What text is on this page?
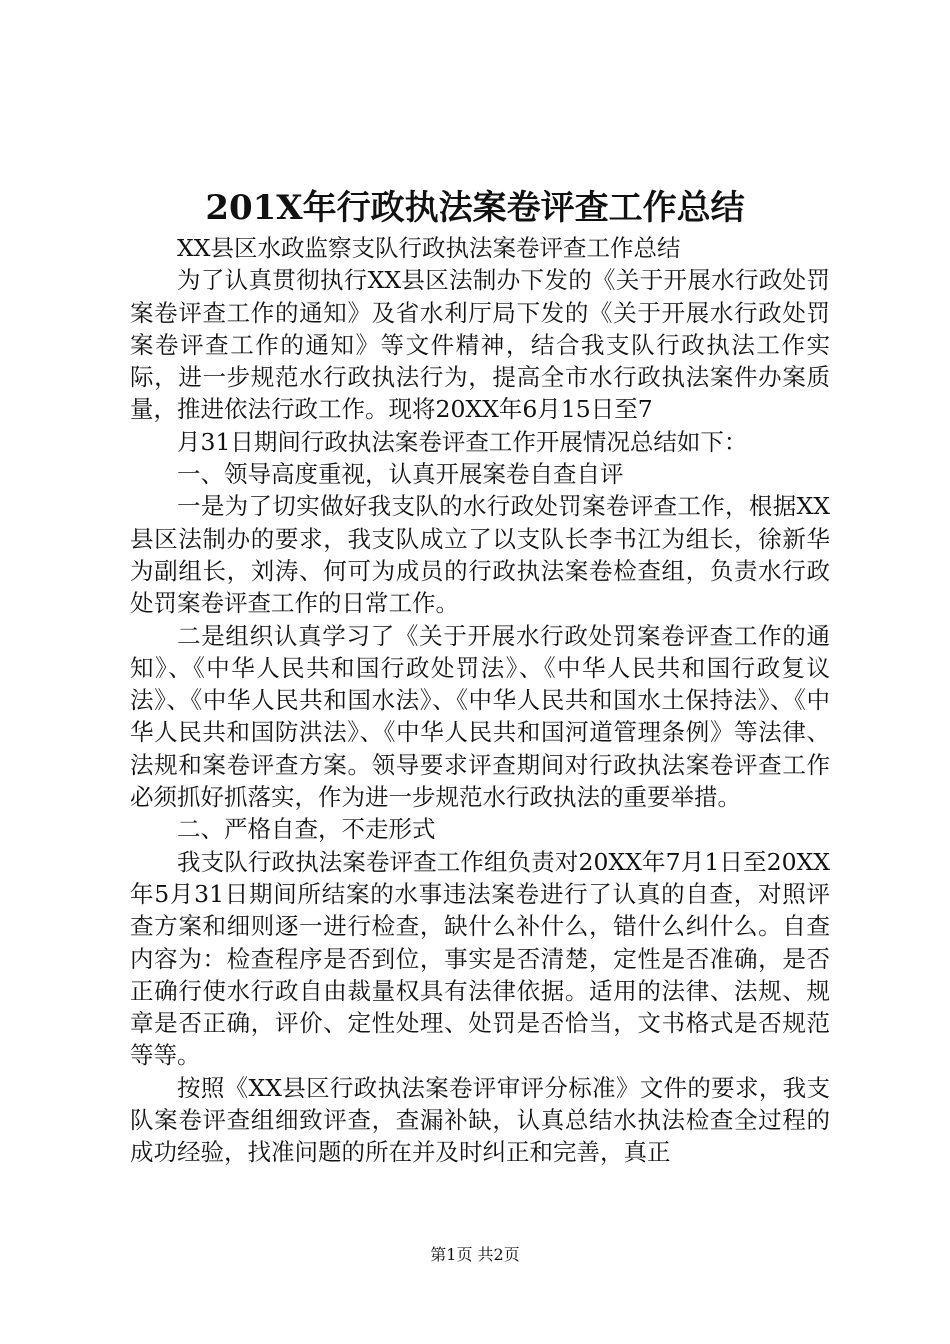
201X年行政执法案卷评查工作总结

XX县区水政监察支队行政执法案卷评查工作总结

为了认真贯彻执行XX县区法制办下发的《关于开展水行政处罚案卷评查工作的通知》及省水利厅局下发的《关于开展水行政处罚案卷评查工作的通知》等文件精神，结合我支队行政执法工作实际，进一步规范水行政执法行为，提高全市水行政执法案件办案质量，推进依法行政工作。现将20XX年6月15日至7

月31日期间行政执法案卷评查工作开展情况总结如下：

一、领导高度重视，认真开展案卷自查自评

一是为了切实做好我支队的水行政处罚案卷评查工作，根据XX县区法制办的要求，我支队成立了以支队长李书江为组长，徐新华为副组长，刘涛、何可为成员的行政执法案卷检查组，负责水行政处罚案卷评查工作的日常工作。

二是组织认真学习了《关于开展水行政处罚案卷评查工作的通知》、《中华人民共和国行政处罚法》、《中华人民共和国行政复议法》、《中华人民共和国水法》、《中华人民共和国水土保持法》、《中华人民共和国防洪法》、《中华人民共和国河道管理条例》等法律、法规和案卷评查方案。领导要求评查期间对行政执法案卷评查工作必须抓好抓落实，作为进一步规范水行政执法的重要举措。

二、严格自查，不走形式

我支队行政执法案卷评查工作组负责对20XX年7月1日至20XX年5月31日期间所结案的水事违法案卷进行了认真的自查，对照评查方案和细则逐一进行检查，缺什么补什么，错什么纠什么。自查内容为：检查程序是否到位，事实是否清楚，定性是否准确，是否正确行使水行政自由裁量权具有法律依据。适用的法律、法规、规章是否正确，评价、定性处理、处罚是否恰当，文书格式是否规范等等。

按照《XX县区行政执法案卷评审评分标准》文件的要求，我支队案卷评查组细致评查，查漏补缺，认真总结水执法检查全过程的成功经验，找准问题的所在并及时纠正和完善，真正

第1页 共2页
